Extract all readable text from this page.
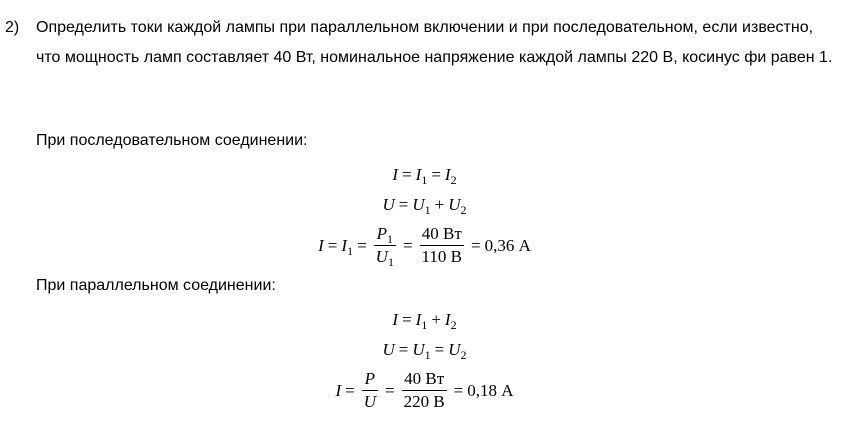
2) Определить токи каждой лампы при параллельном включении и при последовательном, если известно, что мощность ламп составляет 40 Вт, номинальное напряжение каждой лампы 220 В, косинус фи равен 1.
При последовательном соединении:
$I = I_1 = I_2$
$U = U_1 + U_2$
$I = I_1 = \frac{P_1}{U_1} = \frac{40 Вт}{110 В} = 0,36$ А
При параллельном соединении:
$I = I_1 + I_2$
$U = U_1 = U_2$
$I = \frac{P}{U} = \frac{40 Вт}{220 В} = 0,18$ А
